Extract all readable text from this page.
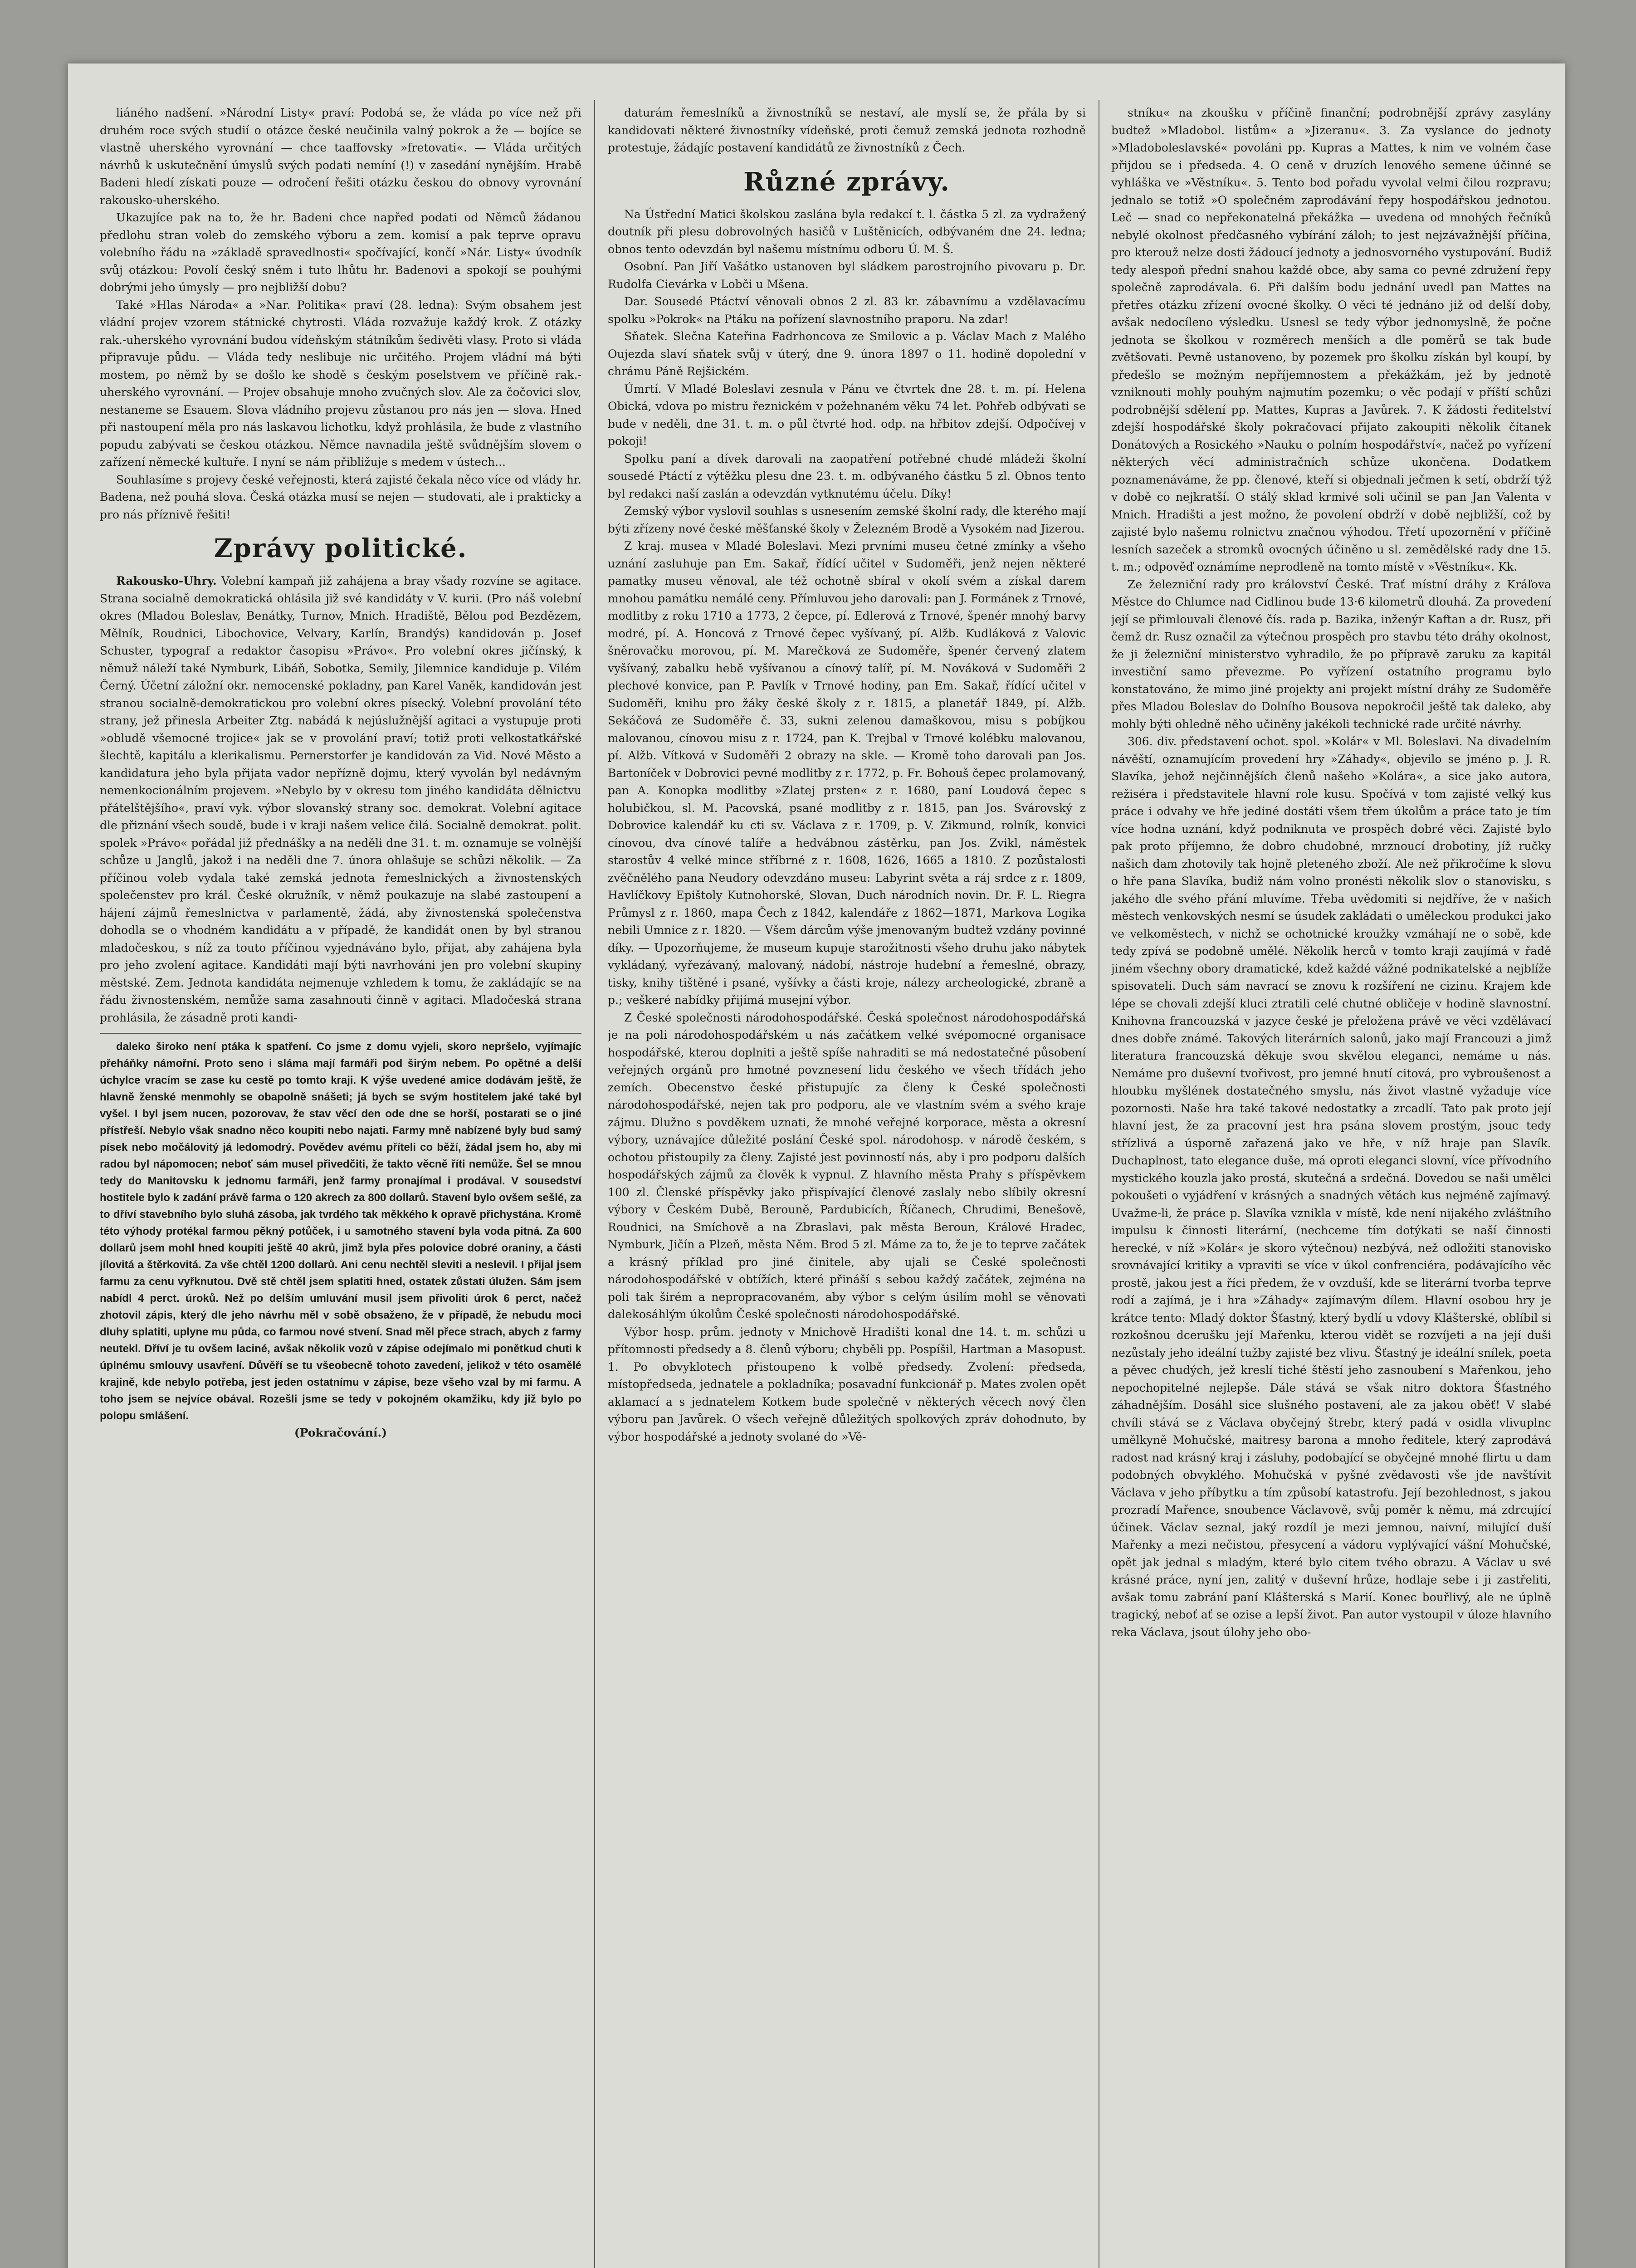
liáného nadšení. »Národní Listy« praví: Podobá se, že vláda po více než při druhém roce svých studií o otázce české neučinila valný pokrok a že — bojíce se vlastně uherského vyrovnání — chce taaffovsky »fretovati«. — Vláda určitých návrhů k uskutečnění úmyslů svých podati nemíní (!) v zasedání nynějším. Hrabě Badeni hledí získati pouze — odročení řešiti otázku českou do obnovy vyrovnání rakousko-uherského.

Ukazujíce pak na to, že hr. Badeni chce napřed podati od Němců žádanou předlohu stran voleb do zemského výboru a zem. komisí a pak teprve opravu volebního řádu na »základě spravedlnosti« spočívající, končí »Nár. Listy« úvodník svůj otázkou: Povolí český sněm i tuto lhůtu hr. Badenovi a spokojí se pouhými dobrými jeho úmysly — pro nejbližší dobu?

Také »Hlas Národa« a »Nar. Politika« praví (28. ledna): Svým obsahem jest vládní projev vzorem státnické chytrosti. Vláda rozvažuje každý krok. Z otázky rak.-uherského vyrovnání budou vídeňským státníkům šedivěti vlasy. Proto si vláda připravuje půdu. — Vláda tedy neslibuje nic určitého. Projem vládní má býti mostem, po němž by se došlo ke shodě s českým poselstvem ve příčině rak.-uherského vyrovnání. — Projev obsahuje mnoho zvučných slov. Ale za čočovici slov, nestaneme se Esauem. Slova vládního projevu zůstanou pro nás jen — slova. Hned při nastoupení měla pro nás laskavou lichotku, když prohlásila, že bude z vlastního popudu zabývati se českou otázkou. Němce navnadila ještě svůdnějším slovem o zařízení německé kultuře. I nyní se nám přibližuje s medem v ústech...

Souhlasíme s projevy české veřejnosti, která zajisté čekala něco více od vlády hr. Badena, než pouhá slova. Česká otázka musí se nejen — studovati, ale i prakticky a pro nás příznivě řešiti!

Zprávy politické.

Rakousko-Uhry. Volební kampaň již zahájena a bray všady rozvíne se agitace. Strana socialně demokratická ohlásila již své kandidáty v V. kurii. (Pro náš volební okres (Mladou Boleslav, Benátky, Turnov, Mnich. Hradiště, Bělou pod Bezdězem, Mělník, Roudnici, Libochovice, Velvary, Karlín, Brandýs) kandidován p. Josef Schuster, typograf a redaktor časopisu »Právo«. Pro volební okres jičínský, k němuž náleží také Nymburk, Libáň, Sobotka, Semily, Jilemnice kandiduje p. Vilém Černý. Účetní záložní okr. nemocenské pokladny, pan Karel Vaněk, kandidován jest stranou socialně-demokratickou pro volební okres písecký. Volební provolání této strany, jež přinesla Arbeiter Ztg. nabádá k nejúslužnější agitaci a vystupuje proti »obludě všemocné trojice« jak se v provolání praví; totiž proti velkostatkářské šlechtě, kapitálu a klerikalismu. Pernerstorfer je kandidován za Vid. Nové Město a kandidatura jeho byla přijata vador nepřízně dojmu, který vyvolán byl nedávným nemenkocionálním projevem. »Nebylo by v okresu tom jiného kandidáta dělnictvu přátelštějšího«, praví vyk. výbor slovanský strany soc. demokrat. Volební agitace dle přiznání všech soudě, bude i v kraji našem velice čilá. Socialně demokrat. polit. spolek »Právo« pořádal již přednášky a na neděli dne 31. t. m. oznamuje se volnější schůze u Janglů, jakož i na neděli dne 7. února ohlašuje se schůzi několik. — Za příčinou voleb vydala také zemská jednota řemeslnických a živnostenských společenstev pro král. České okružník, v němž poukazuje na slabé zastoupení a hájení zájmů řemeslnictva v parlamentě, žádá, aby živnostenská společenstva dohodla se o vhodném kandidátu a v případě, že kandidát onen by byl stranou mladočeskou, s níž za touto příčinou vyjednáváno bylo, přijat, aby zahájena byla pro jeho zvolení agitace. Kandidáti mají býti navrhováni jen pro volební skupiny městské. Zem. Jednota kandidáta nejmenuje vzhledem k tomu, že zakládajíc se na řádu živnostenském, nemůže sama zasahnouti činně v agitaci. Mladočeská strana prohlásila, že zásadně proti kandi-

daleko široko není ptáka k spatření. Co jsme z domu vyjeli, skoro nepršelo, vyjímajíc přeháňky námořní. Proto seno i sláma mají farmáři pod širým nebem. Po opětné a delší úchylce vracím se zase ku cestě po tomto kraji. K výše uvedené amice dodávám ještě, že hlavně ženské menmohly se obapolně snášeti; já bych se svým hostitelem jaké také byl vyšel. I byl jsem nucen, pozorovav, že stav věcí den ode dne se horší, postarati se o jiné přístřeší. Nebylo však snadno něco koupiti nebo najati. Farmy mně nabízené byly bud samý písek nebo močálovitý já ledomodrý. Povědev avému příteli co běží, žádal jsem ho, aby mi radou byl nápomocen; neboť sám musel přivedčiti, že takto věcně říti nemůže. Šel se mnou tedy do Manitovsku k jednomu farmáři, jenž farmy pronajímal i prodával. V sousedství hostitele bylo k zadání právě farma o 120 akrech za 800 dollarů. Stavení bylo ovšem sešlé, za to dříví stavebního bylo sluhá zásoba, jak tvrdého tak měkkého k opravě přichystána. Kromě této výhody protékal farmou pěkný potůček, i u samotného stavení byla voda pitná. Za 600 dollarů jsem mohl hned koupiti ještě 40 akrů, jimž byla přes polovice dobré oraniny, a části jílovitá a štěrkovitá. Za vše chtěl 1200 dollarů. Ani cenu nechtěl sleviti a neslevil. I přijal jsem farmu za cenu vyřknutou. Dvě stě chtěl jsem splatiti hned, ostatek zůstati úlužen. Sám jsem nabídl 4 perct. úroků. Než po delším umluvání musil jsem přivoliti úrok 6 perct, načež zhotovil zápis, který dle jeho návrhu měl v sobě obsaženo, že v případě, že nebudu moci dluhy splatiti, uplyne mu půda, co farmou nové stvení. Snad měl přece strach, abych z farmy neutekl. Dříví je tu ovšem laciné, avšak několik vozů v zápise odejímalo mi ponětkud chuti k úplnému smlouvy usavření. Důvěří se tu všeobecně tohoto zavedení, jelikož v této osamělé krajině, kde nebylo potřeba, jest jeden ostatnímu v zápise, beze všeho vzal by mi farmu. A toho jsem se nejvíce obával. Rozešli jsme se tedy v pokojném okamžiku, kdy již bylo po polopu smlášení.

(Pokračování.)

daturám řemeslníků a živnostníků se nestaví, ale myslí se, že přála by si kandidovati některé živnostníky vídeňské, proti čemuž zemská jednota rozhodně protestuje, žádajíc postavení kandidátů ze živnostníků z Čech.

Různé zprávy.

Na Ústřední Matici školskou zaslána byla redakcí t. l. částka 5 zl. za vydražený doutník při plesu dobrovolných hasičů v Luštěnicích, odbývaném dne 24. ledna; obnos tento odevzdán byl našemu místnímu odboru Ú. M. Š.

Osobní. Pan Jiří Vašátko ustanoven byl sládkem parostrojního pivovaru p. Dr. Rudolfa Cievárka v Lobči u Mšena.

Dar. Sousedé Ptáctví věnovali obnos 2 zl. 83 kr. zábavnímu a vzdělavacímu spolku »Pokrok« na Ptáku na pořízení slavnostního praporu. Na zdar!

Sňatek. Slečna Kateřina Fadrhoncova ze Smilovic a p. Václav Mach z Malého Oujezda slaví sňatek svůj v úterý, dne 9. února 1897 o 11. hodině dopolední v chrámu Páně Rejšickém.

Úmrtí. V Mladé Boleslavi zesnula v Pánu ve čtvrtek dne 28. t. m. pí. Helena Obická, vdova po mistru řeznickém v požehnaném věku 74 let. Pohřeb odbývati se bude v neděli, dne 31. t. m. o půl čtvrté hod. odp. na hřbitov zdejší. Odpočívej v pokoji!

Spolku paní a dívek darovali na zaopatření potřebné chudé mládeži školní sousedé Ptáctí z výtěžku plesu dne 23. t. m. odbývaného částku 5 zl. Obnos tento byl redakci naší zaslán a odevzdán vytknutému účelu. Díky!

Zemský výbor vyslovil souhlas s usnesením zemské školní rady, dle kterého mají býti zřízeny nové české měšťanské školy v Železném Brodě a Vysokém nad Jizerou.

Z kraj. musea v Mladé Boleslavi. Mezi prvními museu četné zmínky a všeho uznání zasluhuje pan Em. Sakař, řídící učitel v Sudoměři, jenž nejen některé pamatky museu věnoval, ale též ochotně sbíral v okolí svém a získal darem mnohou památku nemálé ceny. Přímluvou jeho darovali: pan J. Formánek z Trnové, modlitby z roku 1710 a 1773, 2 čepce, pí. Edlerová z Trnové, špenér mnohý barvy modré, pí. A. Honcová z Trnové čepec vyšívaný, pí. Alžb. Kudláková z Valovic šněrovačku morovou, pí. M. Marečková ze Sudoměře, špenér červený zlatem vyšívaný, zabalku hebě vyšívanou a cínový talíř, pí. M. Nováková v Sudoměři 2 plechové konvice, pan P. Pavlík v Trnové hodiny, pan Em. Sakař, řídící učitel v Sudoměři, knihu pro žáky české školy z r. 1815, a planetář 1849, pí. Alžb. Sekáčová ze Sudoměře č. 33, sukni zelenou damaškovou, misu s pobíjkou malovanou, cínovou misu z r. 1724, pan K. Trejbal v Trnové kolébku malovanou, pí. Alžb. Vítková v Sudoměři 2 obrazy na skle. — Kromě toho darovali pan Jos. Bartoníček v Dobrovici pevné modlitby z r. 1772, p. Fr. Bohouš čepec prolamovaný, pan A. Konopka modlitby »Zlatej prsten« z r. 1680, paní Loudová čepec s holubičkou, sl. M. Pacovská, psané modlitby z r. 1815, pan Jos. Svárovský z Dobrovice kalendář ku cti sv. Václava z r. 1709, p. V. Zikmund, rolník, konvici cínovou, dva cínové talíře a hedvábnou zástěrku, pan Jos. Zvikl, náměstek starostův 4 velké mince stříbrné z r. 1608, 1626, 1665 a 1810. Z pozůstalosti zvěčnělého pana Neudory odevzdáno museu: Labyrint světa a ráj srdce z r. 1809, Havlíčkovy Epištoly Kutnohorské, Slovan, Duch národních novin. Dr. F. L. Riegra Průmysl z r. 1860, mapa Čech z 1842, kalendáře z 1862—1871, Markova Logika nebili Umnice z r. 1820. — Všem dárcům výše jmenovaným budtež vzdány povinné díky. — Upozorňujeme, že museum kupuje starožitnosti všeho druhu jako nábytek vykládaný, vyřezávaný, malovaný, nádobí, nástroje hudební a řemeslné, obrazy, tisky, knihy tištěné i psané, vyšívky a části kroje, nálezy archeologické, zbraně a p.; veškeré nabídky přijímá musejní výbor.

Z České společnosti národohospodářské. Česká společnost národohospodářská je na poli národohospodářském u nás začátkem velké svépomocné organisace hospodářské, kterou doplniti a ještě spíše nahraditi se má nedostatečné působení veřejných orgánů pro hmotné povznesení lidu českého ve všech třídách jeho zemích. Obecenstvo české přistupujíc za členy k České společnosti národohospodářské, nejen tak pro podporu, ale ve vlastním svém a svého kraje zájmu. Dlužno s povděkem uznati, že mnohé veřejné korporace, města a okresní výbory, uznávajíce důležité poslání České spol. národohosp. v národě českém, s ochotou přistoupily za členy. Zajisté jest povinností nás, aby i pro podporu dalších hospodářských zájmů za člověk k vypnul. Z hlavního města Prahy s příspěvkem 100 zl. Členské příspěvky jako přispívající členové zaslaly nebo slíbily okresní výbory v Českém Dubě, Berouně, Pardubicích, Říčanech, Chrudimi, Benešově, Roudnici, na Smíchově a na Zbraslavi, pak města Beroun, Králové Hradec, Nymburk, Jičín a Plzeň, města Něm. Brod 5 zl. Máme za to, že je to teprve začátek a krásný příklad pro jiné činitele, aby ujali se České společnosti národohospodářské v obtížích, které přináší s sebou každý začátek, zejména na poli tak širém a nepropracovaném, aby výbor s celým úsilím mohl se věnovati dalekosáhlým úkolům České společnosti národohospodářské.

Výbor hosp. prům. jednoty v Mnichově Hradišti konal dne 14. t. m. schůzi u přítomnosti předsedy a 8. členů výboru; chyběli pp. Pospíšil, Hartman a Masopust. 1. Po obvyklotech přistoupeno k volbě předsedy. Zvolení: předseda, místopředseda, jednatele a pokladníka; posavadní funkcionář p. Mates zvolen opět aklamací a s jednatelem Kotkem bude společně v některých věcech nový člen výboru pan Javůrek. O všech veřejně důležitých spolkových zpráv dohodnuto, by výbor hospodářské a jednoty svolané do »Vě-

stníku« na zkoušku v příčině finanční; podrobnější zprávy zasylány budtež »Mladobol. listům« a »Jizeranu«. 3. Za vyslance do jednoty »Mladoboleslavské« povoláni pp. Kupras a Mattes, k nim ve volném čase přijdou se i předseda. 4. O ceně v druzích lenového semene účinné se vyhláška ve »Věstníku«. 5. Tento bod pořadu vyvolal velmi čilou rozpravu; jednalo se totiž »O společném zaprodávání řepy hospodářskou jednotou. Leč — snad co nepřekonatelná překážka — uvedena od mnohých řečníků nebylé okolnost předčasného vybírání záloh; to jest nejzávažnější příčina, pro kterouž nelze dosti žádoucí jednoty a jednosvorného vystupování. Budiž tedy alespoň přední snahou každé obce, aby sama co pevné združení řepy společně zaprodávala. 6. Při dalším bodu jednání uvedl pan Mattes na přetřes otázku zřízení ovocné školky. O věci té jednáno již od delší doby, avšak nedocíleno výsledku. Usnesl se tedy výbor jednomyslně, že počne jednota se školkou v rozměrech menších a dle poměrů se tak bude zvětšovati. Pevně ustanoveno, by pozemek pro školku získán byl koupí, by předešlo se možným nepříjemnostem a překážkám, jež by jednotě vzniknouti mohly pouhým najmutím pozemku; o věc podají v příští schůzi podrobnější sdělení pp. Mattes, Kupras a Javůrek. 7. K žádosti ředitelství zdejší hospodářské školy pokračovací přijato zakoupiti několik čítanek Donátových a Rosického »Nauku o polním hospodářství«, načež po vyřízení některých věcí administračních schůze ukončena. Dodatkem poznamenáváme, že pp. členové, kteří si objednali ječmen k setí, obdrží týž v době co nejkratší. O stálý sklad krmivé soli učinil se pan Jan Valenta v Mnich. Hradišti a jest možno, že povolení obdrží v době nejbližší, což by zajisté bylo našemu rolnictvu značnou výhodou. Třetí upozornění v příčině lesních sazeček a stromků ovocných účiněno u sl. zemědělské rady dne 15. t. m.; odpověď oznámíme neprodleně na tomto místě v »Věstníku«. Kk.

Ze železniční rady pro království České. Trať místní dráhy z Kráľova Městce do Chlumce nad Cidlinou bude 13·6 kilometrů dlouhá. Za provedení její se přimlouvali členové čís. rada p. Bazika, inženýr Kaftan a dr. Rusz, při čemž dr. Rusz označil za výtečnou prospěch pro stavbu této dráhy okolnost, že ji železniční ministerstvo vyhradilo, že po přípravě zaruku za kapitál investiční samo převezme. Po vyřízení ostatního programu bylo konstatováno, že mimo jiné projekty ani projekt místní dráhy ze Sudoměře přes Mladou Boleslav do Dolního Bousova nepokročil ještě tak daleko, aby mohly býti ohledně něho učiněny jakékoli technické rade určité návrhy.

306. div. představení ochot. spol. »Kolár« v Ml. Boleslavi. Na divadelním návěští, oznamujícím provedení hry »Záhady«, objevilo se jméno p. J. R. Slavíka, jehož nejčinnějších členů našeho »Kolára«, a sice jako autora, režiséra i představitele hlavní role kusu. Spočívá v tom zajisté velký kus práce i odvahy ve hře jediné dostáti všem třem úkolům a práce tato je tím více hodna uznání, když podniknuta ve prospěch dobré věci. Zajisté bylo pak proto příjemno, že dobro chudobné, mrznoucí drobotiny, jíž ručky našich dam zhotovily tak hojně pleteného zboží. Ale než přikročíme k slovu o hře pana Slavíka, budiž nám volno pronésti několik slov o stanovisku, s jakého dle svého přání mluvíme. Třeba uvědomiti si nejdříve, že v našich městech venkovských nesmí se úsudek zakládati o uměleckou produkci jako ve velkoměstech, v nichž se ochotnické kroužky vzmáhají ne o sobě, kde tedy zpívá se podobně umělé. Několik herců v tomto kraji zaujímá v řadě jiném všechny obory dramatické, kdež každé vážné podnikatelské a nejblíže spisovateli. Duch sám navrací se znovu k rozšíření ne cizinu. Krajem kde lépe se chovali zdejší kluci ztratili celé chutné obličeje v hodině slavnostní. Knihovna francouzská v jazyce české je přeložena právě ve věci vzdělávací dnes dobře známé. Takových literárních salonů, jako mají Francouzi a jimž literatura francouzská děkuje svou skvělou eleganci, nemáme u nás. Nemáme pro duševní tvořivost, pro jemné hnutí citová, pro vybroušenost a hloubku myšlének dostatečného smyslu, nás život vlastně vyžaduje více pozornosti. Naše hra také takové nedostatky a zrcadlí. Tato pak proto její hlavní jest, že za pracovní jest hra psána slovem prostým, jsouc tedy střízlivá a úsporně zařazená jako ve hře, v níž hraje pan Slavík. Duchaplnost, tato elegance duše, má oproti eleganci slovní, více přívodního mystického kouzla jako prostá, skutečná a srdečná. Dovedou se naši umělci pokoušeti o vyjádření v krásných a snadných větách kus nejméně zajímavý. Uvažme-li, že práce p. Slavíka vznikla v místě, kde není nijakého zvláštního impulsu k činnosti literární, (nechceme tím dotýkati se naší činnosti herecké, v níž »Kolár« je skoro výtečnou) nezbývá, než odložiti stanovisko srovnávající kritiky a vpraviti se více v úkol confrenciéra, podávajícího věc prostě, jakou jest a říci předem, že v ovzduší, kde se literární tvorba teprve rodí a zajímá, je i hra »Záhady« zajímavým dílem. Hlavní osobou hry je krátce tento: Mladý doktor Šťastný, který bydlí u vdovy Klášterské, oblíbil si rozkošnou dcerušku její Mařenku, kterou vidět se rozvíjeti a na její duši nezůstaly jeho ideální tužby zajisté bez vlivu. Šťastný je ideální snílek, poeta a pěvec chudých, jež kreslí tiché štěstí jeho zasnoubení s Mařenkou, jeho nepochopitelné nejlepše. Dále stává se však nitro doktora Šťastného záhadnějším. Dosáhl sice slušného postavení, ale za jakou oběť! V slabé chvíli stává se z Václava obyčejný štrebr, který padá v osidla vlivuplnc umělkyně Mohučské, maitresy barona a mnoho ředitele, který zaprodává radost nad krásný kraj i zásluhy, podobající se obyčejné mnohé flirtu u dam podobných obvyklého. Mohučská v pyšné zvědavosti vše jde navštívit Václava v jeho příbytku a tím způsobí katastrofu. Její bezohlednost, s jakou prozradí Mařence, snoubence Václavově, svůj poměr k němu, má zdrcující účinek. Václav seznal, jaký rozdíl je mezi jemnou, naivní, milující duší Mařenky a mezi nečistou, přesycení a vádoru vyplývající vášní Mohučské, opět jak jednal s mladým, které bylo citem tvého obrazu. A Václav u své krásné práce, nyní jen, zalitý v duševní hrůze, hodlaje sebe i ji zastřeliti, avšak tomu zabrání paní Klášterská s Marií. Konec bouřlivý, ale ne úplně tragický, neboť ať se ozise a lepší život. Pan autor vystoupil v úloze hlavního reka Václava, jsout úlohy jeho obo-
